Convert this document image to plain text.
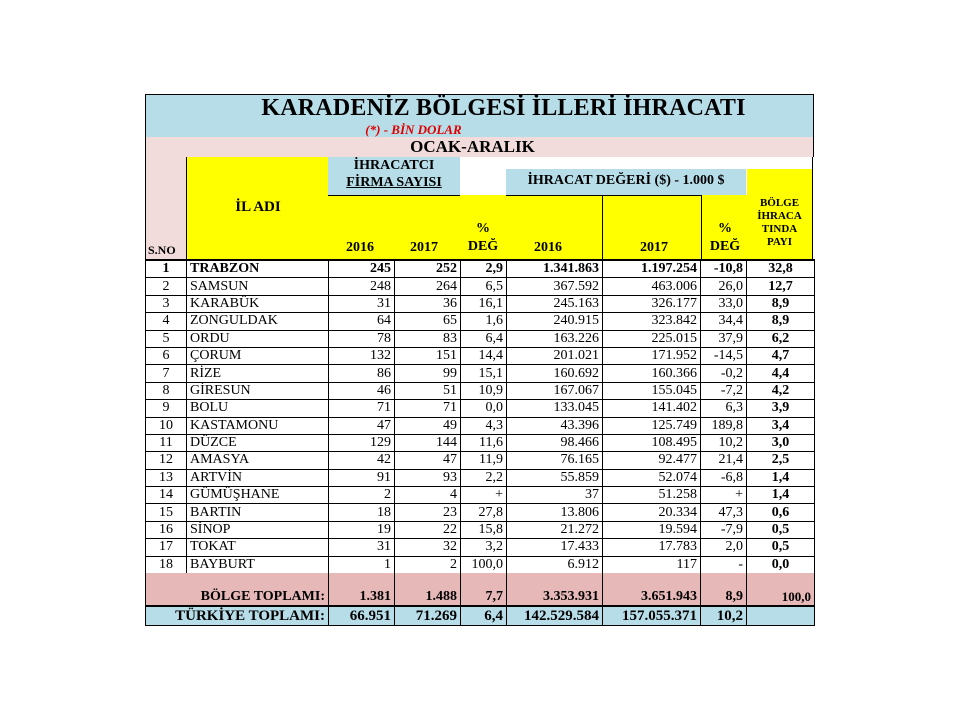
KARADENİZ BÖLGESİ İLLERİ İHRACATI
(*) - BİN DOLAR
OCAK-ARALIK
S.NO
İL ADI
İHRACATCI
FİRMA SAYISI
2016	2017
%
DEĞ
İHRACAT DEĞERİ ($) - 1.000 $
2016	2017
%
DEĞ
BÖLGE
İHRACA
TINDA
PAYI
1	TRABZON	245	252	2,9	1.341.863	1.197.254	-10,8	32,8
2	SAMSUN	248	264	6,5	367.592	463.006	26,0	12,7
3	KARABÜK	31	36	16,1	245.163	326.177	33,0	8,9
4	ZONGULDAK	64	65	1,6	240.915	323.842	34,4	8,9
5	ORDU	78	83	6,4	163.226	225.015	37,9	6,2
6	ÇORUM	132	151	14,4	201.021	171.952	-14,5	4,7
7	RİZE	86	99	15,1	160.692	160.366	-0,2	4,4
8	GİRESUN	46	51	10,9	167.067	155.045	-7,2	4,2
9	BOLU	71	71	0,0	133.045	141.402	6,3	3,9
10	KASTAMONU	47	49	4,3	43.396	125.749	189,8	3,4
11	DÜZCE	129	144	11,6	98.466	108.495	10,2	3,0
12	AMASYA	42	47	11,9	76.165	92.477	21,4	2,5
13	ARTVİN	91	93	2,2	55.859	52.074	-6,8	1,4
14	GÜMÜŞHANE	2	4	+	37	51.258	+	1,4
15	BARTIN	18	23	27,8	13.806	20.334	47,3	0,6
16	SİNOP	19	22	15,8	21.272	19.594	-7,9	0,5
17	TOKAT	31	32	3,2	17.433	17.783	2,0	0,5
18	BAYBURT	1	2	100,0	6.912	117	-	0,0
BÖLGE TOPLAMI:	1.381	1.488	7,7	3.353.931	3.651.943	8,9	100,0
TÜRKİYE TOPLAMI:	66.951	71.269	6,4	142.529.584	157.055.371	10,2	
